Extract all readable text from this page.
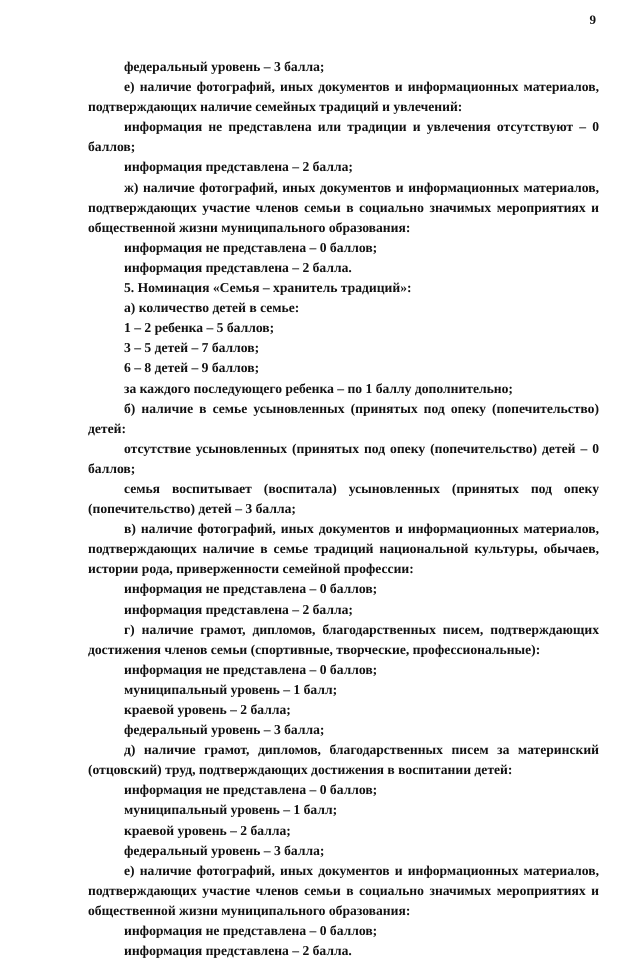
9

федеральный уровень – 3 балла;

е) наличие фотографий, иных документов и информационных материалов, подтверждающих наличие семейных традиций и увлечений:

информация не представлена или традиции и увлечения отсутствуют – 0 баллов;

информация представлена – 2 балла;

ж) наличие фотографий, иных документов и информационных материалов, подтверждающих участие членов семьи в социально значимых мероприятиях и общественной жизни муниципального образования:

информация не представлена – 0 баллов;

информация представлена – 2 балла.

5. Номинация «Семья – хранитель традиций»:

а) количество детей в семье:

1 – 2 ребенка – 5 баллов;

3 – 5 детей – 7 баллов;

6 – 8 детей – 9 баллов;

за каждого последующего ребенка – по 1 баллу дополнительно;

б) наличие в семье усыновленных (принятых под опеку (попечительство) детей:

отсутствие усыновленных (принятых под опеку (попечительство) детей – 0 баллов;

семья воспитывает (воспитала) усыновленных (принятых под опеку (попечительство) детей – 3 балла;

в) наличие фотографий, иных документов и информационных материалов, подтверждающих наличие в семье традиций национальной культуры, обычаев, истории рода, приверженности семейной профессии:

информация не представлена – 0 баллов;

информация представлена – 2 балла;

г) наличие грамот, дипломов, благодарственных писем, подтверждающих достижения членов семьи (спортивные, творческие, профессиональные):

информация не представлена – 0 баллов;

муниципальный уровень – 1 балл;

краевой уровень – 2 балла;

федеральный уровень – 3 балла;

д) наличие грамот, дипломов, благодарственных писем за материнский (отцовский) труд, подтверждающих достижения в воспитании детей:

информация не представлена – 0 баллов;

муниципальный уровень – 1 балл;

краевой уровень – 2 балла;

федеральный уровень – 3 балла;

е) наличие фотографий, иных документов и информационных материалов, подтверждающих участие членов семьи в социально значимых мероприятиях и общественной жизни муниципального образования:

информация не представлена – 0 баллов;

информация представлена – 2 балла.
